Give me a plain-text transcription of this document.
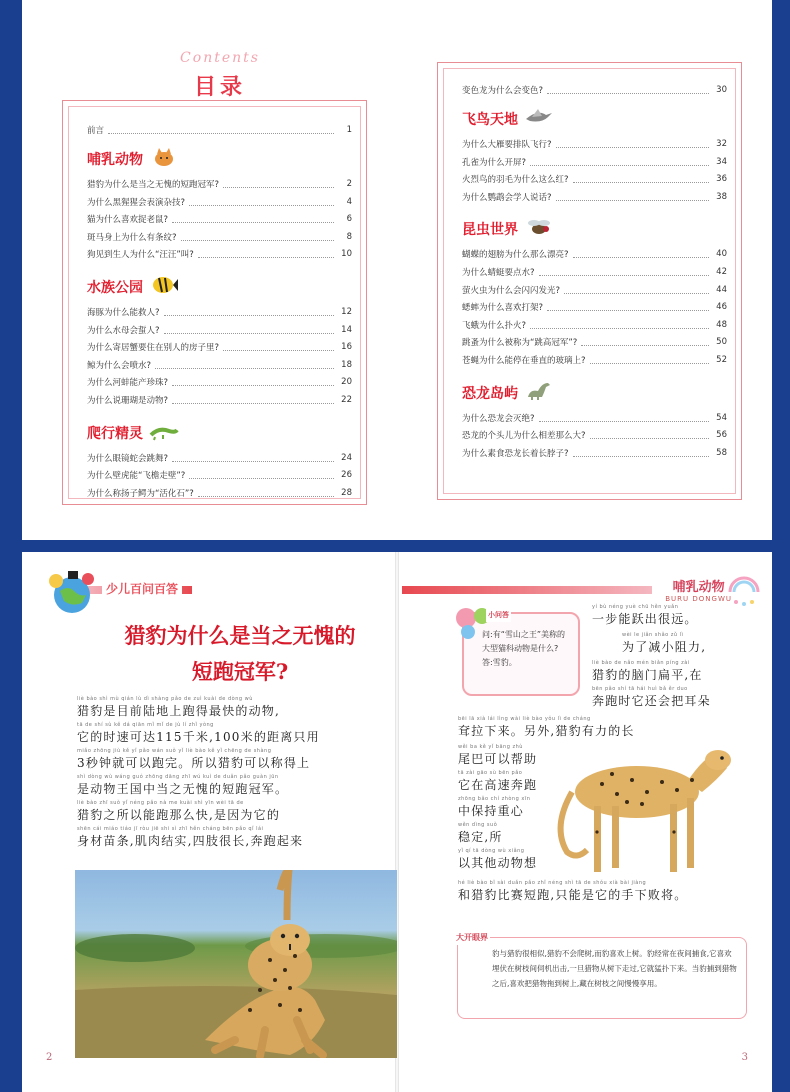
Contents
目录
前言	1
哺乳动物
猎豹为什么是当之无愧的短跑冠军?	2
为什么黑猩猩会表演杂技?	4
猫为什么喜欢捉老鼠?	6
斑马身上为什么有条纹?	8
狗见到生人为什么“汪汪”叫?	10
水族公园
海豚为什么能救人?	12
为什么水母会蜇人?	14
为什么寄居蟹要住在别人的房子里?	16
鲸为什么会喷水?	18
为什么河蚌能产珍珠?	20
为什么说珊瑚是动物?	22
爬行精灵
为什么眼镜蛇会跳舞?	24
为什么壁虎能“飞檐走壁”?	26
为什么称扬子鳄为“活化石”?	28
变色龙为什么会变色?	30
飞鸟天地
为什么大雁要排队飞行?	32
孔雀为什么开屏?	34
火烈鸟的羽毛为什么这么红?	36
为什么鹦鹉会学人说话?	38
昆虫世界
蝴蝶的翅膀为什么那么漂亮?	40
为什么蜻蜓要点水?	42
萤火虫为什么会闪闪发光?	44
蟋蟀为什么喜欢打架?	46
飞蛾为什么扑火?	48
跳蚤为什么被称为“跳高冠军”?	50
苍蝇为什么能停在垂直的玻璃上?	52
恐龙岛屿
为什么恐龙会灭绝?	54
恐龙的个头儿为什么相差那么大?	56
为什么素食恐龙长着长脖子?	58
少儿百问百答	哺乳动物
BURU DONGWU
猎豹为什么是当之无愧的
短跑冠军?
liè bào shì mù qián lù dì shàng pǎo de zuì kuài de dòng wù
猎豹是目前陆地上跑得最快的动物,
tā de shí sù kě dá qiān mǐ mǐ de jù lí zhǐ yòng
它的时速可达115千米,100米的距离只用
miǎo zhōng jiù kě yǐ pǎo wán suǒ yǐ liè bào kě yǐ chēng de shàng
3秒钟就可以跑完。所以猎豹可以称得上
shì dòng wù wáng guó zhōng dāng zhī wú kuì de duǎn pǎo guàn jūn
是动物王国中当之无愧的短跑冠军。
liè bào zhī suǒ yǐ néng pǎo nà me kuài shì yīn wèi tā de
猎豹之所以能跑那么快,是因为它的
shēn cái miáo tiáo jī ròu jiē shi sì zhī hěn cháng bēn pǎo qǐ lái
身材苗条,肌肉结实,四肢很长,奔跑起来
小问答
问:有“雪山之王”美称的大型猫科动物是什么?
答:雪豹。
yí bù néng yuè chū hěn yuǎn
一步能跃出很远。
wèi le jiǎn shǎo zǔ lì
为了减小阻力,
liè bào de nǎo mén biǎn píng zài
猎豹的脑门扁平,在
bēn pǎo shí tā hái huì bǎ ěr duo
奔跑时它还会把耳朵
bēi lā xià lái lìng wài liè bào yǒu lì de cháng
耷拉下来。另外,猎豹有力的长
wěi ba kě yǐ bāng zhù
尾巴可以帮助
tā zài gāo sù bēn pǎo
它在高速奔跑
zhōng bǎo chí zhòng xīn
中保持重心
wěn dìng suǒ
稳定,所
yǐ qí tā dòng wù xiǎng
以其他动物想
hé liè bào bǐ sài duǎn pǎo zhǐ néng shì tā de shǒu xià bài jiàng
和猎豹比赛短跑,只能是它的手下败将。
大开眼界
豹与猎豹很相似,猎豹不会爬树,而豹喜欢上树。豹经常在夜间捕食,它喜欢埋伏在树枝间伺机出击,一旦猎物从树下走过,它就猛扑下来。当豹捕到猎物之后,喜欢把猎物拖到树上,藏在树枝之间慢慢享用。
2	3
